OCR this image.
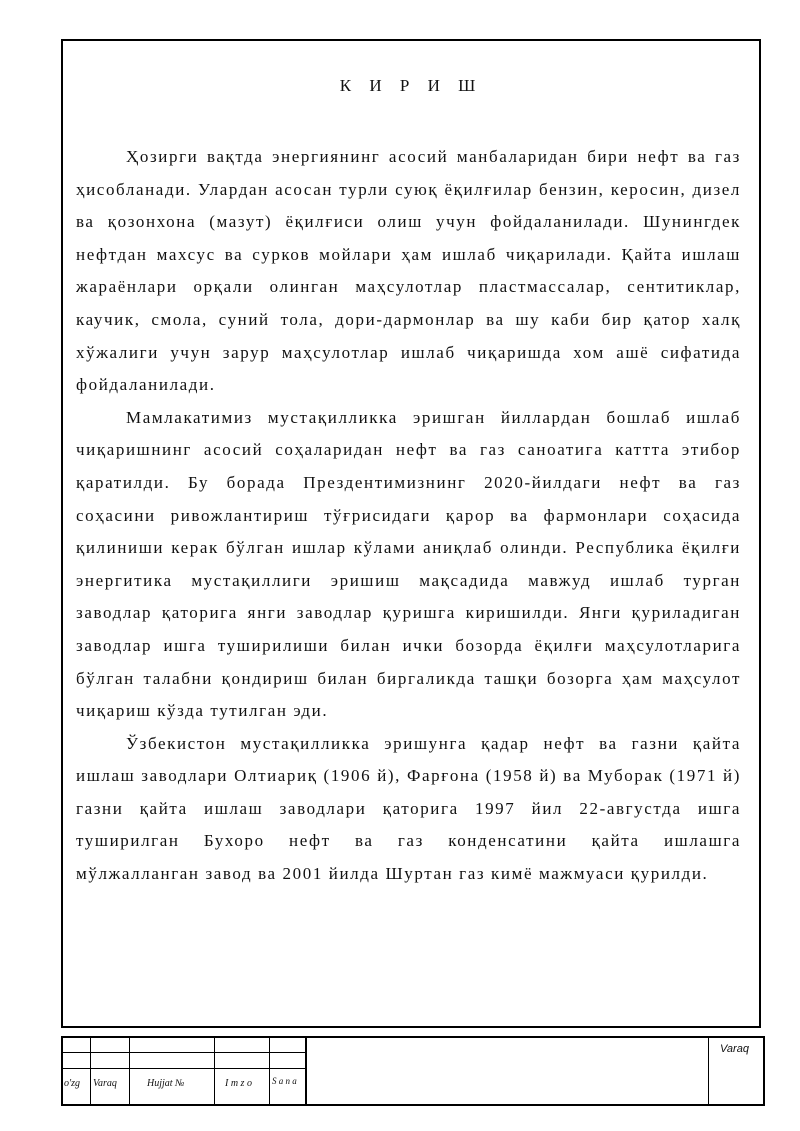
К И Р И Ш

Ҳозирги вақтда энергиянинг асосий манбаларидан бири нефт ва газ ҳисобланади. Улардан асосан турли суюқ ёқилғилар бензин, керосин, дизел ва қозонхона (мазут) ёқилғиси олиш учун фойдаланилади. Шунингдек нефтдан махсус ва сурков мойлари ҳам ишлаб чиқарилади. Қайта ишлаш жараёнлари орқали олинган маҳсулотлар пластмассалар, сентитиклар, каучик, смола, суний тола, дори-дармонлар ва шу каби бир қатор халқ хўжалиги учун зарур маҳсулотлар ишлаб чиқаришда хом ашё сифатида фойдаланилади.

Мамлакатимиз мустақилликка эришган йиллардан бошлаб ишлаб чиқаришнинг асосий соҳаларидан нефт ва газ саноатига каттта этибор қаратилди. Бу борада Прездентимизнинг 2020-йилдаги нефт ва газ соҳасини ривожлантириш тўғрисидаги қарор ва фармонлари соҳасида қилиниши керак бўлган ишлар кўлами аниқлаб олинди. Республика ёқилғи энергитика мустақиллиги эришиш мақсадида мавжуд ишлаб турган заводлар қаторига янги заводлар қуришга киришилди. Янги қуриладиган заводлар ишга туширилиши билан ички бозорда ёқилғи маҳсулотларига бўлган талабни қондириш билан биргаликда ташқи бозорга ҳам маҳсулот чиқариш кўзда тутилган эди.

Ўзбекистон мустақилликка эришунга қадар нефт ва газни қайта ишлаш заводлари Олтиариқ (1906 й), Фарғона (1958 й) ва Муборак (1971 й) газни қайта ишлаш заводлари қаторига 1997 йил 22-августда ишга туширилган Бухоро нефт ва газ конденсатини қайта ишлашга мўлжалланган завод ва 2001 йилда Шуртан газ кимё мажмуаси қурилди.

o'zg Varaq	Hujjat №	I m z o S a n a
Varaq
